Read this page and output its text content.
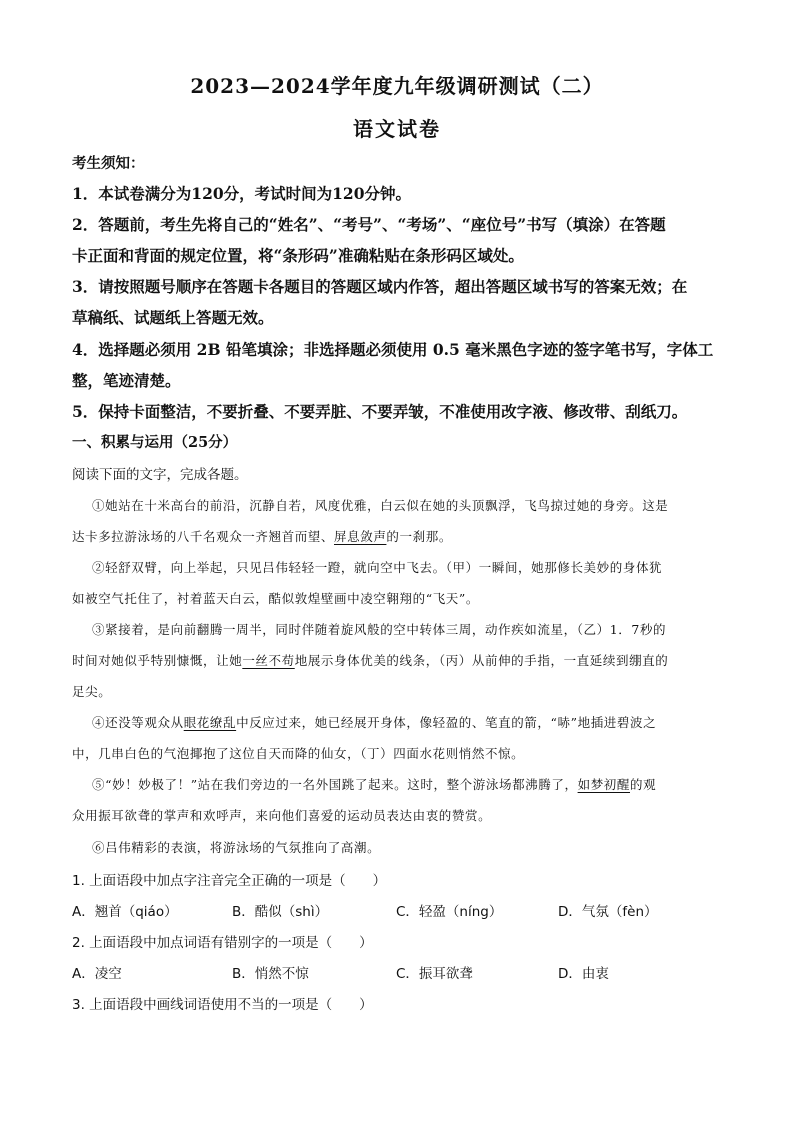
2023—2024学年度九年级调研测试（二）
语文试卷
考生须知：
1．本试卷满分为120分，考试时间为120分钟。
2．答题前，考生先将自己的“姓名”、“考号”、“考场”、“座位号”书写（填涂）在答题
卡正面和背面的规定位置，将“条形码”准确粘贴在条形码区域处。
3．请按照题号顺序在答题卡各题目的答题区域内作答，超出答题区域书写的答案无效；在
草稿纸、试题纸上答题无效。
4．选择题必须用 2B 铅笔填涂；非选择题必须使用 0.5 毫米黑色字迹的签字笔书写，字体工
整，笔迹清楚。
5．保持卡面整洁，不要折叠、不要弄脏、不要弄皱，不准使用改字液、修改带、刮纸刀。
一、积累与运用（25分）
阅读下面的文字，完成各题。
①她站在十米高台的前沿，沉静自若，风度优雅，白云似在她的头顶飘浮，飞鸟掠过她的身旁。这是
达卡多拉游泳场的八千名观众一齐翘首而望、屏息敛声的一刹那。
②轻舒双臂，向上举起，只见吕伟轻轻一蹬，就向空中飞去。（甲）一瞬间，她那修长美妙的身体犹
如被空气托住了，衬着蓝天白云，酷似敦煌壁画中凌空翱翔的“飞天”。
③紧接着，是向前翻腾一周半，同时伴随着旋风般的空中转体三周，动作疾如流星，（乙）1．7秒的
时间对她似乎特别慷慨，让她一丝不苟地展示身体优美的线条，（丙）从前伸的手指，一直延续到绷直的
足尖。
④还没等观众从眼花缭乱中反应过来，她已经展开身体，像轻盈的、笔直的箭，“哧”地插进碧波之
中，几串白色的气泡揶抱了这位自天而降的仙女，（丁）四面水花则悄然不惊。
⑤“妙！妙极了！”站在我们旁边的一名外国跳了起来。这时，整个游泳场都沸腾了，如梦初醒的观
众用振耳欲聋的掌声和欢呼声，来向他们喜爱的运动员表达由衷的赞赏。
⑥吕伟精彩的表演，将游泳场的气氛推向了高潮。
1. 上面语段中加点字注音完全正确的一项是（　　）
A．翘首（qiáo）	B．酷似（shì）	C．轻盈（níng）	D．气氛（fèn）
2. 上面语段中加点词语有错别字的一项是（　　）
A．凌空	B．悄然不惊	C．振耳欲聋	D．由衷
3. 上面语段中画线词语使用不当的一项是（　　）
